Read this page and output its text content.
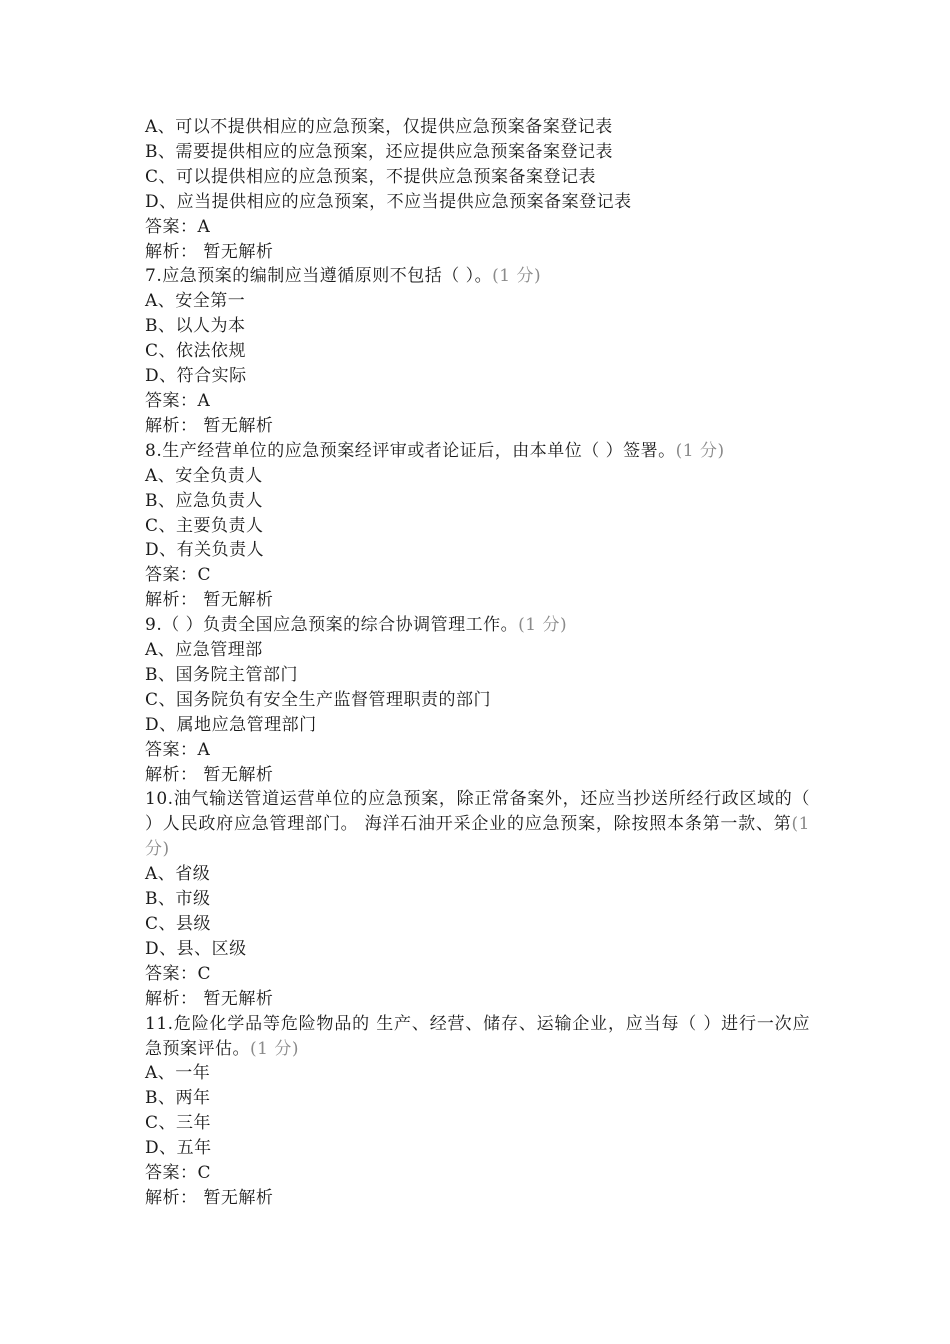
A、可以不提供相应的应急预案，仅提供应急预案备案登记表
B、需要提供相应的应急预案，还应提供应急预案备案登记表
C、可以提供相应的应急预案，不提供应急预案备案登记表
D、应当提供相应的应急预案，不应当提供应急预案备案登记表
答案：A
解析： 暂无解析
7.应急预案的编制应当遵循原则不包括（ ）。(1 分)
A、安全第一
B、以人为本
C、依法依规
D、符合实际
答案：A
解析： 暂无解析
8.生产经营单位的应急预案经评审或者论证后，由本单位（ ）签署。(1 分)
A、安全负责人
B、应急负责人
C、主要负责人
D、有关负责人
答案：C
解析： 暂无解析
9.（ ）负责全国应急预案的综合协调管理工作。(1 分)
A、应急管理部
B、国务院主管部门
C、国务院负有安全生产监督管理职责的部门
D、属地应急管理部门
答案：A
解析： 暂无解析
10.油气输送管道运营单位的应急预案，除正常备案外，还应当抄送所经行政区域的（ ）人民政府应急管理部门。 海洋石油开采企业的应急预案，除按照本条第一款、第(1 分)
A、省级
B、市级
C、县级
D、县、区级
答案：C
解析： 暂无解析
11.危险化学品等危险物品的 生产、经营、储存、运输企业，应当每（ ）进行一次应急预案评估。(1 分)
A、一年
B、两年
C、三年
D、五年
答案：C
解析： 暂无解析
